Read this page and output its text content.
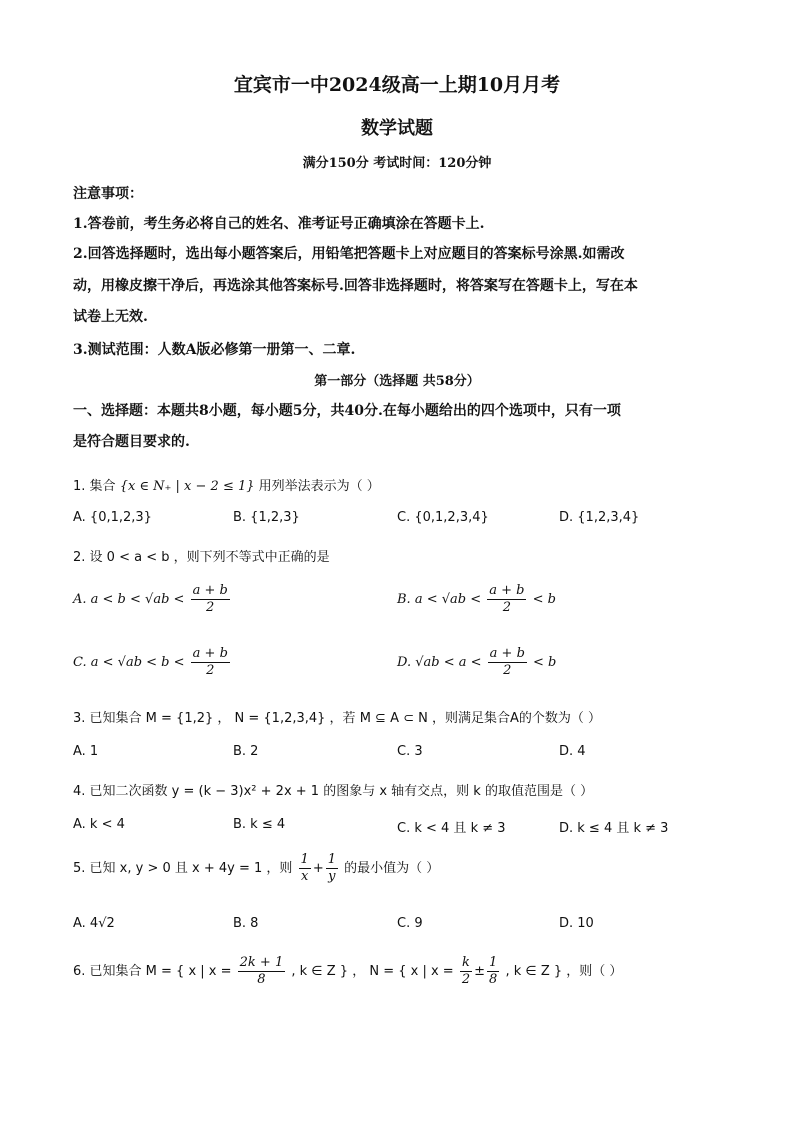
宜宾市一中2024级高一上期10月月考
数学试题
满分150分 考试时间：120分钟
注意事项：
1.答卷前，考生务必将自己的姓名、准考证号正确填涂在答题卡上.
2.回答选择题时，选出每小题答案后，用铅笔把答题卡上对应题目的答案标号涂黑.如需改
动，用橡皮擦干净后，再选涂其他答案标号.回答非选择题时，将答案写在答题卡上，写在本
试卷上无效.
3.测试范围：人数A版必修第一册第一、二章.
第一部分（选择题 共58分）
一、选择题：本题共8小题，每小题5分，共40分.在每小题给出的四个选项中，只有一项
是符合题目要求的.
1. 集合 {x ∈ N₊ | x − 2 ≤ 1} 用列举法表示为（ ）
A. {0,1,2,3}	B. {1,2,3}	C. {0,1,2,3,4}	D. {1,2,3,4}
2. 设 0 < a < b ，则下列不等式中正确的是
A. $a < b < √ab < \frac{a + b}{2}$	B. $a < √ab < \frac{a + b}{2} < b$
C. $a < √ab < b < \frac{a + b}{2}$	D. $√ab < a < \frac{a + b}{2} < b$
3. 已知集合 M = {1,2} ， N = {1,2,3,4} ，若 M ⊆ A ⊂ N ，则满足集合A的个数为（ ）
A. 1	B. 2	C. 3	D. 4
4. 已知二次函数 y = (k − 3)x² + 2x + 1 的图象与 x 轴有交点，则 k 的取值范围是（ ）
A. k < 4	B. k ≤ 4	C. k < 4 且 k ≠ 3	D. k ≤ 4 且 k ≠ 3
5. 已知 x, y > 0 且 x + 4y = 1 ，则 $\frac{1}{x} + \frac{1}{y}$ 的最小值为（ ）
A. 4√2	B. 8	C. 9	D. 10
6. 已知集合 M = { x | $x = \frac{2k + 1}{8}$ , k ∈ Z } ， N = { x | $x = \frac{k}{2} \pm \frac{1}{8}$ , k ∈ Z } ，则（ ）
